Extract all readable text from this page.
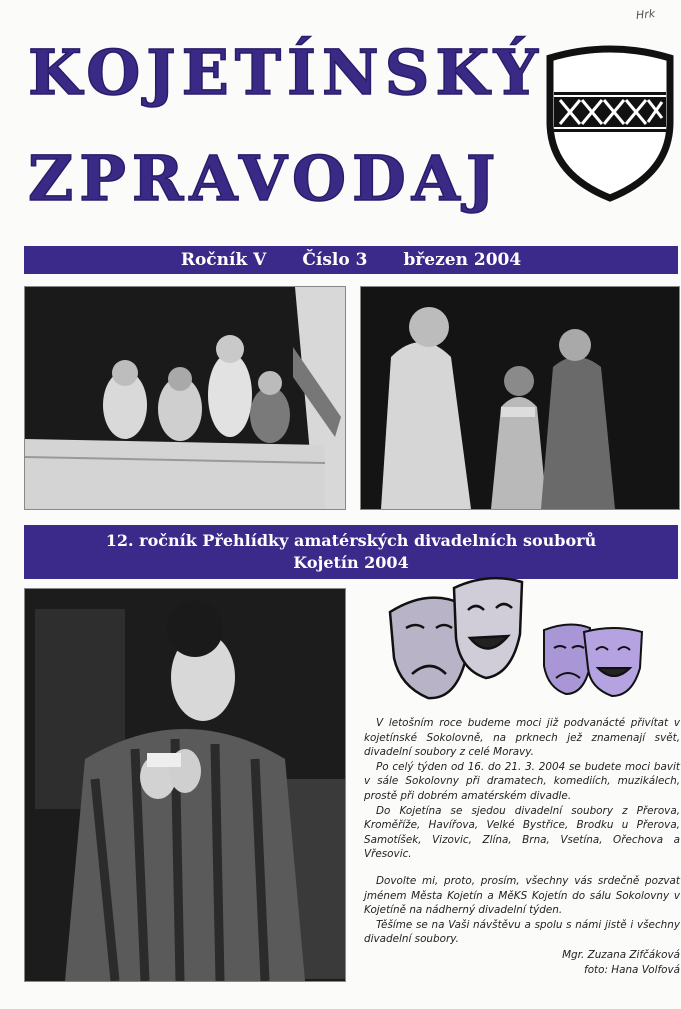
Hrk
KOJETÍNSKÝ
ZPRAVODAJ
Ročník V Číslo 3 březen 2004
12. ročník Přehlídky amatérských divadelních souborů
Kojetín 2004

V letošním roce budeme moci již podvanácté přivítat v kojetínské Sokolovně, na prknech jež znamenají svět, divadelní soubory z celé Moravy.

Po celý týden od 16. do 21. 3. 2004 se budete moci bavit v sále Sokolovny při dramatech, komediích, muzikálech, prostě při dobrém amatérském divadle.

Do Kojetína se sjedou divadelní soubory z Přerova, Kroměříže, Havířova, Velké Bystřice, Brodku u Přerova, Samotíšek, Vizovic, Zlína, Brna, Vsetína, Ořechova a Vřesovic.

Dovolte mi, proto, prosím, všechny vás srdečně pozvat jménem Města Kojetín a MěKS Kojetín do sálu Sokolovny v Kojetíně na nádherný divadelní týden.

Těšíme se na Vaši návštěvu a spolu s námi jistě i všechny divadelní soubory.

Mgr. Zuzana Zifčáková
foto: Hana Volfová
